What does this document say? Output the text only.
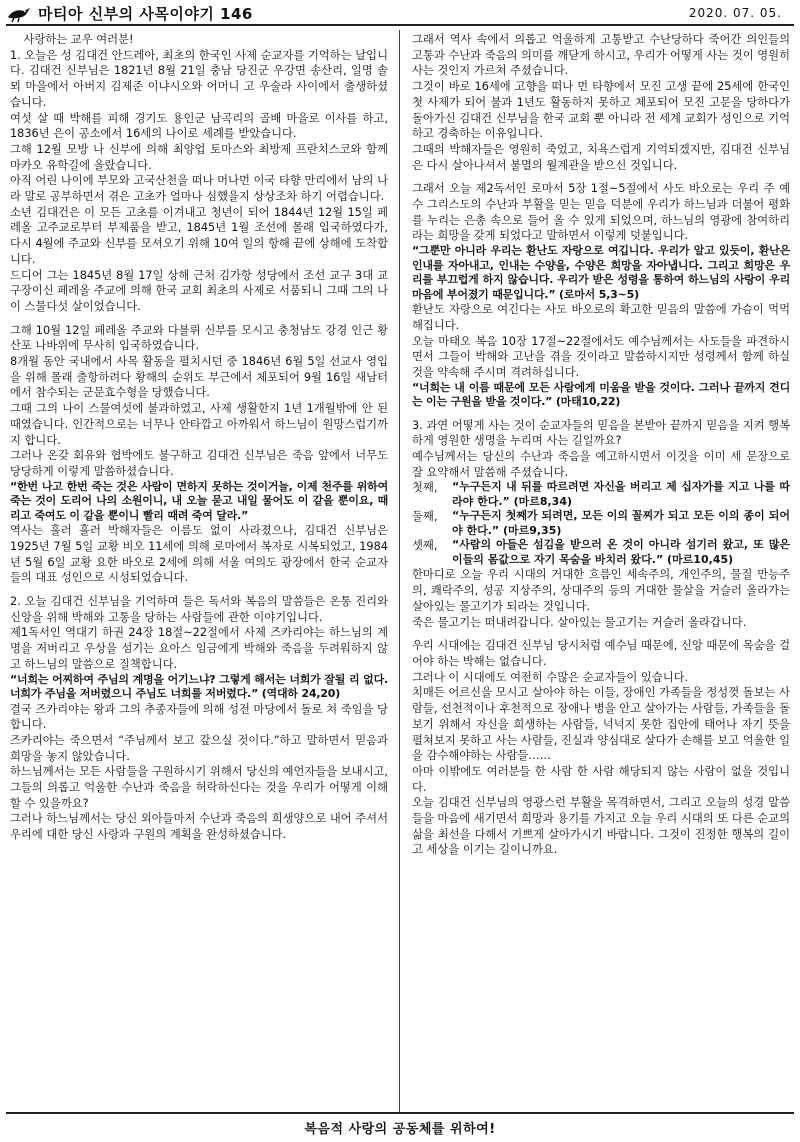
마티아 신부의 사목이야기 146	2020. 07. 05.

사랑하는 교우 여러분!

1. 오늘은 성 김대건 안드레아, 최초의 한국인 사제 순교자를 기억하는 날입니다. 김대건 신부님은 1821년 8월 21일 충남 당진군 우강면 송산리, 일명 솔뫼 마을에서 아버지 김제준 이냐시오와 어머니 고 우술라 사이에서 출생하셨습니다.

여섯 살 때 박해를 피해 경기도 용인군 남곡리의 골배 마을로 이사를 하고, 1836년 은이 공소에서 16세의 나이로 세례를 받았습니다.

그해 12월 모방 나 신부에 의해 최양업 토마스와 최방제 프란치스코와 함께 마카오 유학길에 올랐습니다.

아직 어린 나이에 부모와 고국산천을 떠나 머나먼 이국 타향 만리에서 남의 나라 말로 공부하면서 겪은 고초가 얼마나 심했을지 상상조차 하기 어렵습니다.

소년 김대건은 이 모든 고초를 이겨내고 청년이 되어 1844년 12월 15일 페레올 고주교로부터 부제품을 받고, 1845년 1월 조선에 몰래 입국하였다가, 다시 4월에 주교와 신부를 모셔오기 위해 10여 일의 항해 끝에 상해에 도착합니다.

드디어 그는 1845년 8월 17일 상해 근처 김가항 성당에서 조선 교구 3대 교구장이신 페레올 주교에 의해 한국 교회 최초의 사제로 서품되니 그때 그의 나이 스물다섯 살이었습니다.

그해 10월 12일 페레올 주교와 다블뤼 신부를 모시고 충청남도 강경 인근 황산포 나바위에 무사히 입국하였습니다.

8개월 동안 국내에서 사목 활동을 펼치시던 중 1846년 6월 5일 선교사 영입을 위해 몰래 출항하려다 황해의 순위도 부근에서 체포되어 9월 16일 새남터에서 참수되는 군문효수형을 당했습니다.

그때 그의 나이 스물여섯에 불과하였고, 사제 생활한지 1년 1개월밖에 안 된 때였습니다. 인간적으로는 너무나 안타깝고 아까워서 하느님이 원망스럽기까지 합니다.

그러나 온갖 회유와 협박에도 불구하고 김대건 신부님은 죽음 앞에서 너무도 당당하게 이렇게 말씀하셨습니다.

“한번 나고 한번 죽는 것은 사람이 면하지 못하는 것이거늘, 이제 천주를 위하여 죽는 것이 도리어 나의 소원이니, 내 오늘 묻고 내일 물어도 이 같을 뿐이요, 때리고 죽여도 이 같을 뿐이니 빨리 때려 죽여 달라.”

역사는 흘러 흘러 박해자들은 이름도 없이 사라졌으나, 김대건 신부님은 1925년 7월 5일 교황 비오 11세에 의해 로마에서 복자로 시복되었고, 1984년 5월 6일 교황 요한 바오로 2세에 의해 서울 여의도 광장에서 한국 순교자들의 대표 성인으로 시성되었습니다.

2. 오늘 김대건 신부님을 기억하며 들은 독서와 복음의 말씀들은 온통 진리와 신앙을 위해 박해와 고통을 당하는 사람들에 관한 이야기입니다.

제1독서인 역대기 하권 24장 18절~22절에서 사제 즈카리야는 하느님의 계명을 저버리고 우상을 섬기는 요아스 임금에게 박해와 죽음을 두려워하지 않고 하느님의 말씀으로 질책합니다.

“너희는 어찌하여 주님의 계명을 어기느냐? 그렇게 해서는 너희가 잘될 리 없다. 너희가 주님을 저버렸으니 주님도 너희를 저버렸다.” (역대하 24,20)

결국 즈카리야는 왕과 그의 추종자들에 의해 성전 마당에서 돌로 쳐 죽임을 당합니다.

즈카리야는 죽으면서 “주님께서 보고 갚으실 것이다.”하고 말하면서 믿음과 희망을 놓지 않았습니다.

하느님께서는 모든 사람들을 구원하시기 위해서 당신의 예언자들을 보내시고, 그들의 의롭고 억울한 수난과 죽음을 허락하신다는 것을 우리가 어떻게 이해할 수 있을까요?

그러나 하느님께서는 당신 외아들마저 수난과 죽음의 희생양으로 내어 주셔서 우리에 대한 당신 사랑과 구원의 계획을 완성하셨습니다.

그래서 역사 속에서 의롭고 억울하게 고통받고 수난당하다 죽어간 의인들의 고통과 수난과 죽음의 의미를 깨닫게 하시고, 우리가 어떻게 사는 것이 영원히 사는 것인지 가르쳐 주셨습니다.

그것이 바로 16세에 고향을 떠나 먼 타향에서 모진 고생 끝에 25세에 한국인 첫 사제가 되어 불과 1년도 활동하지 못하고 체포되어 모진 고문을 당하다가 돌아가신 김대건 신부님을 한국 교회 뿐 아니라 전 세계 교회가 성인으로 기억하고 경축하는 이유입니다.

그때의 박해자들은 영원히 죽었고, 치욕스럽게 기억되겠지만, 김대건 신부님은 다시 살아나셔서 불멸의 월계관을 받으신 것입니다.

그래서 오늘 제2독서인 로마서 5장 1절~5절에서 사도 바오로는 우리 주 예수 그리스도의 수난과 부활을 믿는 믿음 덕분에 우리가 하느님과 더불어 평화를 누리는 은총 속으로 들어 올 수 있게 되었으며, 하느님의 영광에 참여하리라는 희망을 갖게 되었다고 말하면서 이렇게 덧붙입니다.

“그뿐만 아니라 우리는 환난도 자랑으로 여깁니다. 우리가 알고 있듯이, 환난은 인내를 자아내고, 인내는 수양을, 수양은 희망을 자아냅니다. 그리고 희망은 우리를 부끄럽게 하지 않습니다. 우리가 받은 성령을 통하여 하느님의 사랑이 우리 마음에 부어졌기 때문입니다.” (로마서 5,3~5)

환난도 자랑으로 여긴다는 사도 바오로의 확고한 믿음의 말씀에 가슴이 먹먹해집니다.

오늘 마태오 복음 10장 17절~22절에서도 예수님께서는 사도들을 파견하시면서 그들이 박해와 고난을 겪을 것이라고 말씀하시지만 성령께서 함께 하실 것을 약속해 주시며 격려하십니다.

“너희는 내 이름 때문에 모든 사람에게 미움을 받을 것이다. 그러나 끝까지 견디는 이는 구원을 받을 것이다.” (마태10,22)

3. 과연 어떻게 사는 것이 순교자들의 믿음을 본받아 끝까지 믿음을 지켜 행복하게 영원한 생명을 누리며 사는 길일까요?

예수님께서는 당신의 수난과 죽음을 예고하시면서 이것을 이미 세 문장으로 잘 요약해서 말씀해 주셨습니다.

첫째,	“누구든지 내 뒤를 따르려면 자신을 버리고 제 십자가를 지고 나를 따라야 한다.” (마르8,34)
둘째,	“누구든지 첫째가 되려면, 모든 이의 꼴찌가 되고 모든 이의 종이 되어야 한다.” (마르9,35)
셋째,	“사람의 아들은 섬김을 받으러 온 것이 아니라 섬기러 왔고, 또 많은 이들의 몸값으로 자기 목숨을 바치러 왔다.” (마르10,45)

한마디로 오늘 우리 시대의 거대한 흐름인 세속주의, 개인주의, 물질 만능주의, 쾌락주의, 성공 지상주의, 상대주의 등의 거대한 물살을 거슬러 올라가는 살아있는 물고기가 되라는 것입니다.

죽은 물고기는 떠내려갑니다. 살아있는 물고기는 거슬러 올라갑니다.

우리 시대에는 김대건 신부님 당시처럼 예수님 때문에, 신앙 때문에 목숨을 걸어야 하는 박해는 없습니다.

그러나 이 시대에도 여전히 수많은 순교자들이 있습니다.

치매든 어르신을 모시고 살아야 하는 이들, 장애인 가족들을 정성껏 돌보는 사람들, 선천적이나 후천적으로 장애나 병을 안고 살아가는 사람들, 가족들을 돌보기 위해서 자신을 희생하는 사람들, 넉넉지 못한 집안에 태어나 자기 뜻을 펼쳐보지 못하고 사는 사람들, 진실과 양심대로 살다가 손해를 보고 억울한 일을 감수해야하는 사람들……

아마 이밖에도 여러분들 한 사람 한 사람 해당되지 않는 사람이 없을 것입니다.

오늘 김대건 신부님의 영광스런 부활을 목격하면서, 그리고 오늘의 성경 말씀들을 마음에 새기면서 희망과 용기를 가지고 오늘 우리 시대의 또 다른 순교의 삶을 최선을 다해서 기쁘게 살아가시기 바랍니다. 그것이 진정한 행복의 길이고 세상을 이기는 길이니까요.

복음적 사랑의 공동체를 위하여!
